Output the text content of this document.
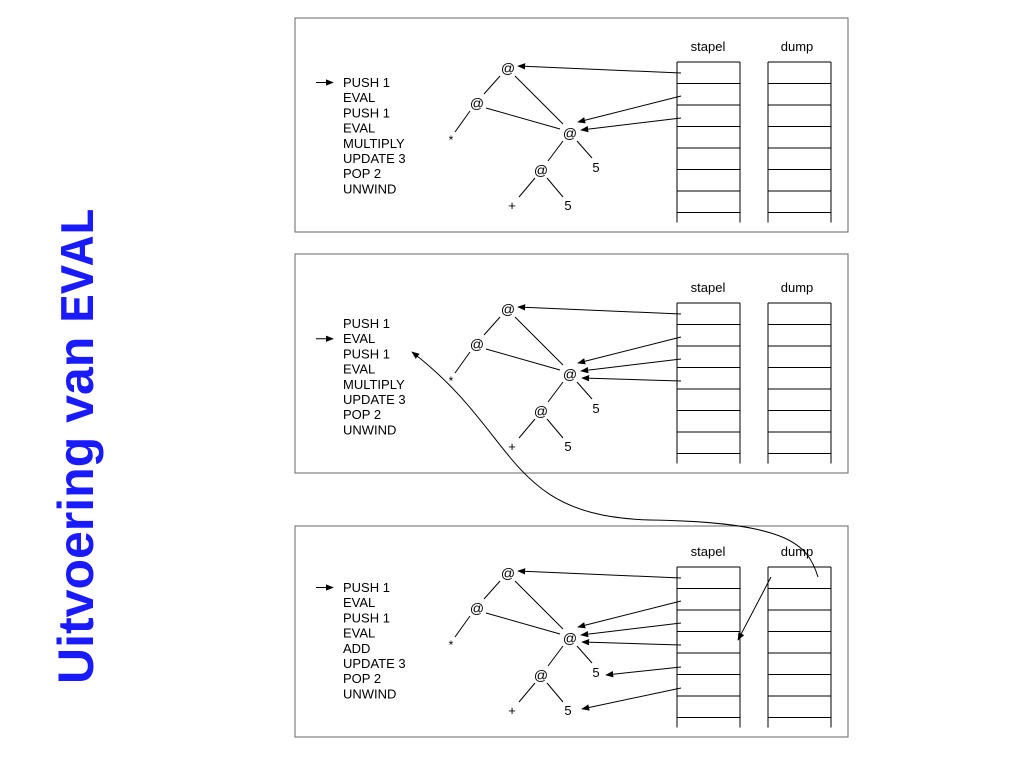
Uitvoering van EVAL
PUSH 1
EVAL
PUSH 1
EVAL
MULTIPLY
UPDATE 3
POP 2
UNWIND
@
@
@
@
*
5
+	5
stapel	dump
PUSH 1
EVAL
PUSH 1
EVAL
MULTIPLY
UPDATE 3
POP 2
UNWIND
@
@
@
@
*
5
+	5
stapel	dump
PUSH 1
EVAL
PUSH 1
EVAL
ADD
UPDATE 3
POP 2
UNWIND
@
@
@
@
*
5
+	5
stapel	dump
